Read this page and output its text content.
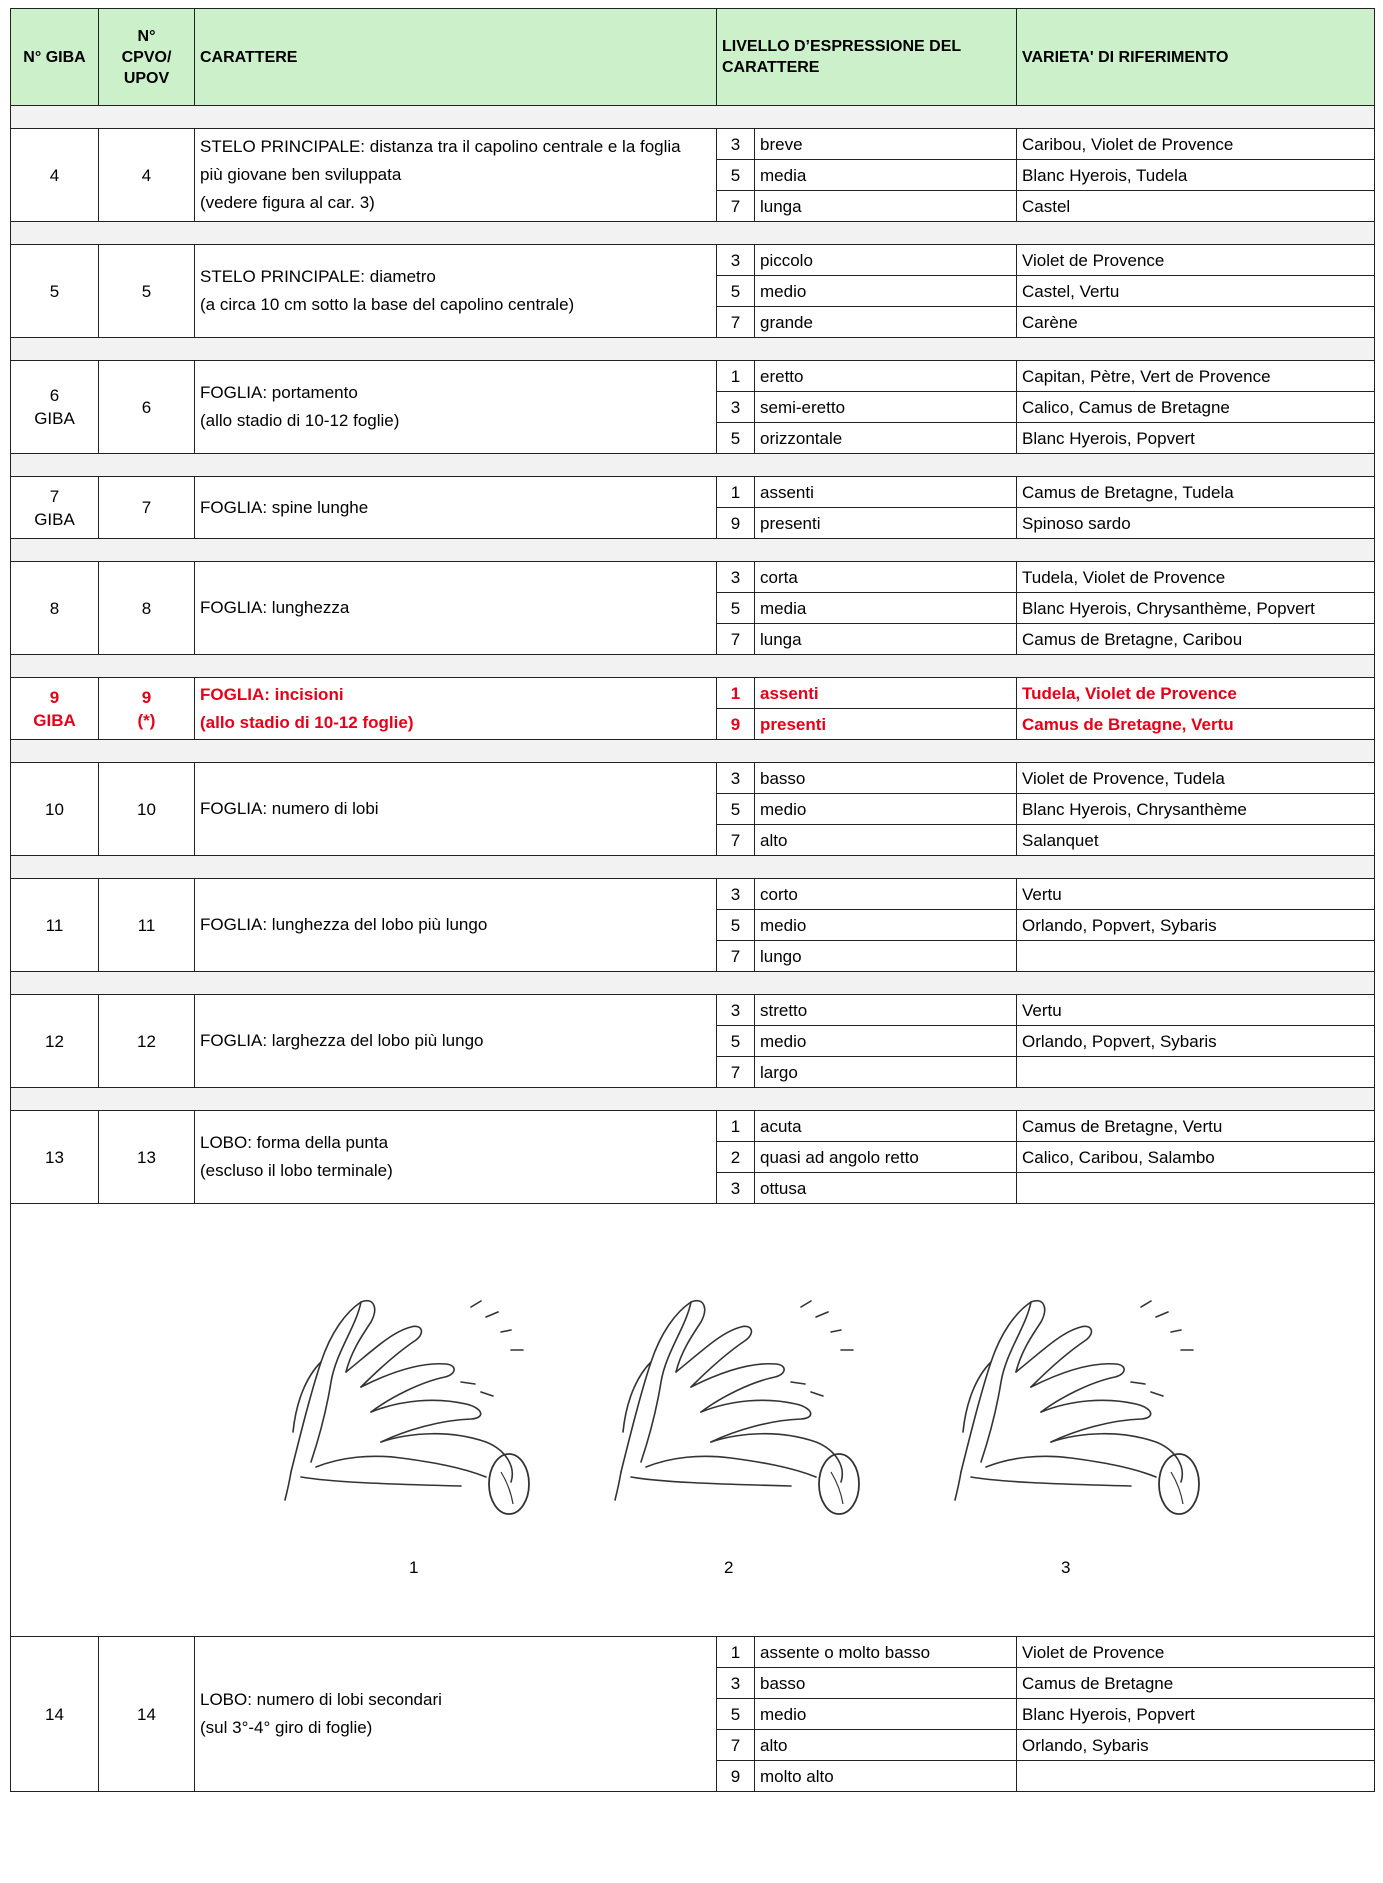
N° GIBA	N°
CPVO/
UPOV	CARATTERE	LIVELLO D’ESPRESSIONE DEL
CARATTERE		VARIETA' DI RIFERIMENTO

4	4	STELO PRINCIPALE: distanza tra il capolino centrale e la foglia
più giovane ben sviluppata
(vedere figura al car. 3)	3	breve	Caribou, Violet de Provence
			5	media	Blanc Hyerois, Tudela
			7	lunga	Castel

5	5	STELO PRINCIPALE: diametro
(a circa 10 cm sotto la base del capolino centrale)	3	piccolo	Violet de Provence
			5	medio	Castel, Vertu
			7	grande	Carène

6
GIBA	6	FOGLIA: portamento
(allo stadio di 10-12 foglie)	1	eretto	Capitan, Pètre, Vert de Provence
			3	semi-eretto	Calico, Camus de Bretagne
			5	orizzontale	Blanc Hyerois, Popvert

7
GIBA	7	FOGLIA: spine lunghe	1	assenti	Camus de Bretagne, Tudela
			9	presenti	Spinoso sardo

8	8	FOGLIA: lunghezza	3	corta	Tudela, Violet de Provence
			5	media	Blanc Hyerois, Chrysanthème, Popvert
			7	lunga	Camus de Bretagne, Caribou

9
GIBA	9
(*)	FOGLIA: incisioni
(allo stadio di 10-12 foglie)	1	assenti	Tudela, Violet de Provence
			9	presenti	Camus de Bretagne, Vertu

10	10	FOGLIA: numero di lobi	3	basso	Violet de Provence, Tudela
			5	medio	Blanc Hyerois, Chrysanthème
			7	alto	Salanquet

11	11	FOGLIA: lunghezza del lobo più lungo	3	corto	Vertu
			5	medio	Orlando, Popvert, Sybaris
			7	lungo	

12	12	FOGLIA: larghezza del lobo più lungo	3	stretto	Vertu
			5	medio	Orlando, Popvert, Sybaris
			7	largo	

13	13	LOBO: forma della punta
(escluso il lobo terminale)	1	acuta	Camus de Bretagne, Vertu
			2	quasi ad angolo retto	Calico, Caribou, Salambo
			3	ottusa	

1 2 3					

14	14	LOBO: numero di lobi secondari
(sul 3°-4° giro di foglie)	1	assente o molto basso	Violet de Provence
			3	basso	Camus de Bretagne
			5	medio	Blanc Hyerois, Popvert
			7	alto	Orlando, Sybaris
			9	molto alto	
